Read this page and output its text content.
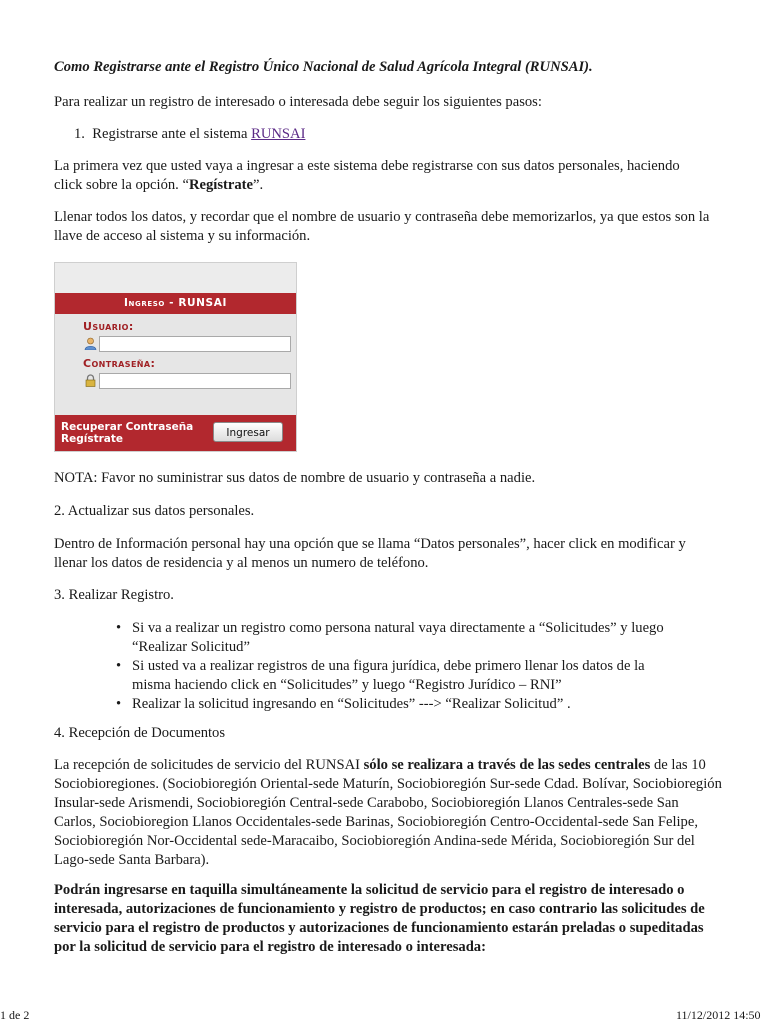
Como Registrarse ante el Registro Único Nacional de Salud Agrícola Integral (RUNSAI).

Para realizar un registro de interesado o interesada debe seguir los siguientes pasos:

1. Registrarse ante el sistema RUNSAI

La primera vez que usted vaya a ingresar a este sistema debe registrarse con sus datos personales, haciendo click sobre la opción. “Regístrate”.

Llenar todos los datos, y recordar que el nombre de usuario y contraseña debe memorizarlos, ya que estos son la llave de acceso al sistema y su información.

Ingreso - RUNSAI
Usuario:
Contraseña:
Recuperar Contraseña
Regístrate	Ingresar

NOTA: Favor no suministrar sus datos de nombre de usuario y contraseña a nadie.

2. Actualizar sus datos personales.

Dentro de Información personal hay una opción que se llama “Datos personales”, hacer click en modificar y llenar los datos de residencia y al menos un numero de teléfono.

3. Realizar Registro.

• Si va a realizar un registro como persona natural vaya directamente a “Solicitudes” y luego “Realizar Solicitud”
• Si usted va a realizar registros de una figura jurídica, debe primero llenar los datos de la misma haciendo click en “Solicitudes” y luego “Registro Jurídico – RNI”
• Realizar la solicitud ingresando en “Solicitudes” ---> “Realizar Solicitud” .

4. Recepción de Documentos

La recepción de solicitudes de servicio del RUNSAI sólo se realizara a través de las sedes centrales de las 10 Sociobioregiones. (Sociobioregión Oriental-sede Maturín, Sociobioregión Sur-sede Cdad. Bolívar, Sociobioregión Insular-sede Arismendi, Sociobioregión Central-sede Carabobo, Sociobioregión Llanos Centrales-sede San Carlos, Sociobioregion Llanos Occidentales-sede Barinas, Sociobioregión Centro-Occidental-sede San Felipe, Sociobioregión Nor-Occidental sede-Maracaibo, Sociobioregión Andina-sede Mérida, Sociobioregión Sur del Lago-sede Santa Barbara).

Podrán ingresarse en taquilla simultáneamente la solicitud de servicio para el registro de interesado o interesada, autorizaciones de funcionamiento y registro de productos; en caso contrario las solicitudes de servicio para el registro de productos y autorizaciones de funcionamiento estarán preladas o supeditadas por la solicitud de servicio para el registro de interesado o interesada:

1 de 2	11/12/2012 14:50
